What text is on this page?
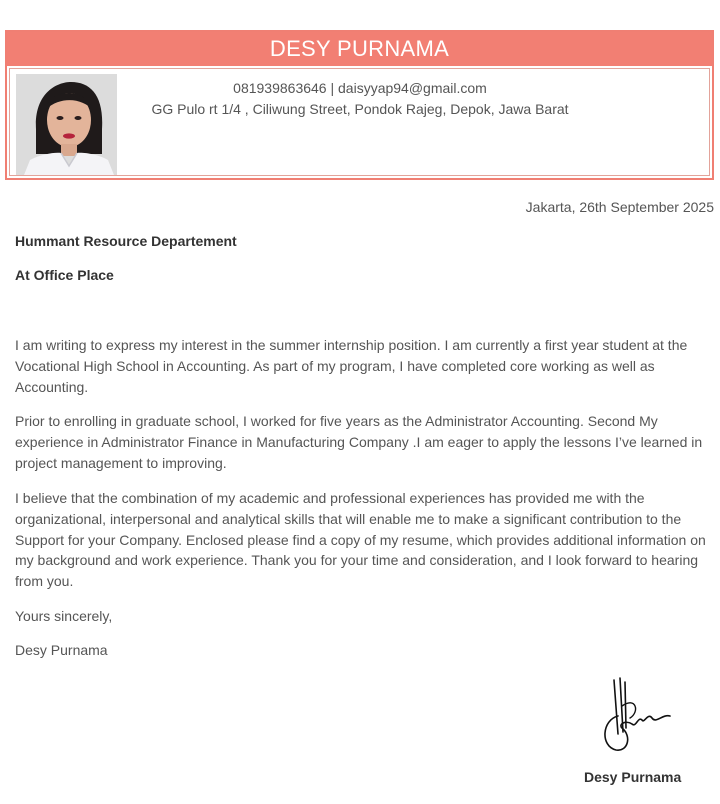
DESY PURNAMA
081939863646 | daisyyap94@gmail.com
GG Pulo rt 1/4 , Ciliwung Street, Pondok Rajeg, Depok, Jawa Barat
Jakarta, 26th September 2025
Hummant Resource Departement
At Office Place
I am writing to express my interest in the summer internship position. I am currently a first year student at the Vocational High School in Accounting. As part of my program, I have completed core working as well as Accounting.
Prior to enrolling in graduate school, I worked for five years as the Administrator Accounting. Second My experience in Administrator Finance in Manufacturing Company .I am eager to apply the lessons I’ve learned in project management to improving.
I believe that the combination of my academic and professional experiences has provided me with the organizational, interpersonal and analytical skills that will enable me to make a significant contribution to the Support for your Company. Enclosed please find a copy of my resume, which provides additional information on my background and work experience. Thank you for your time and consideration, and I look forward to hearing from you.
Yours sincerely,
Desy Purnama
Desy Purnama
